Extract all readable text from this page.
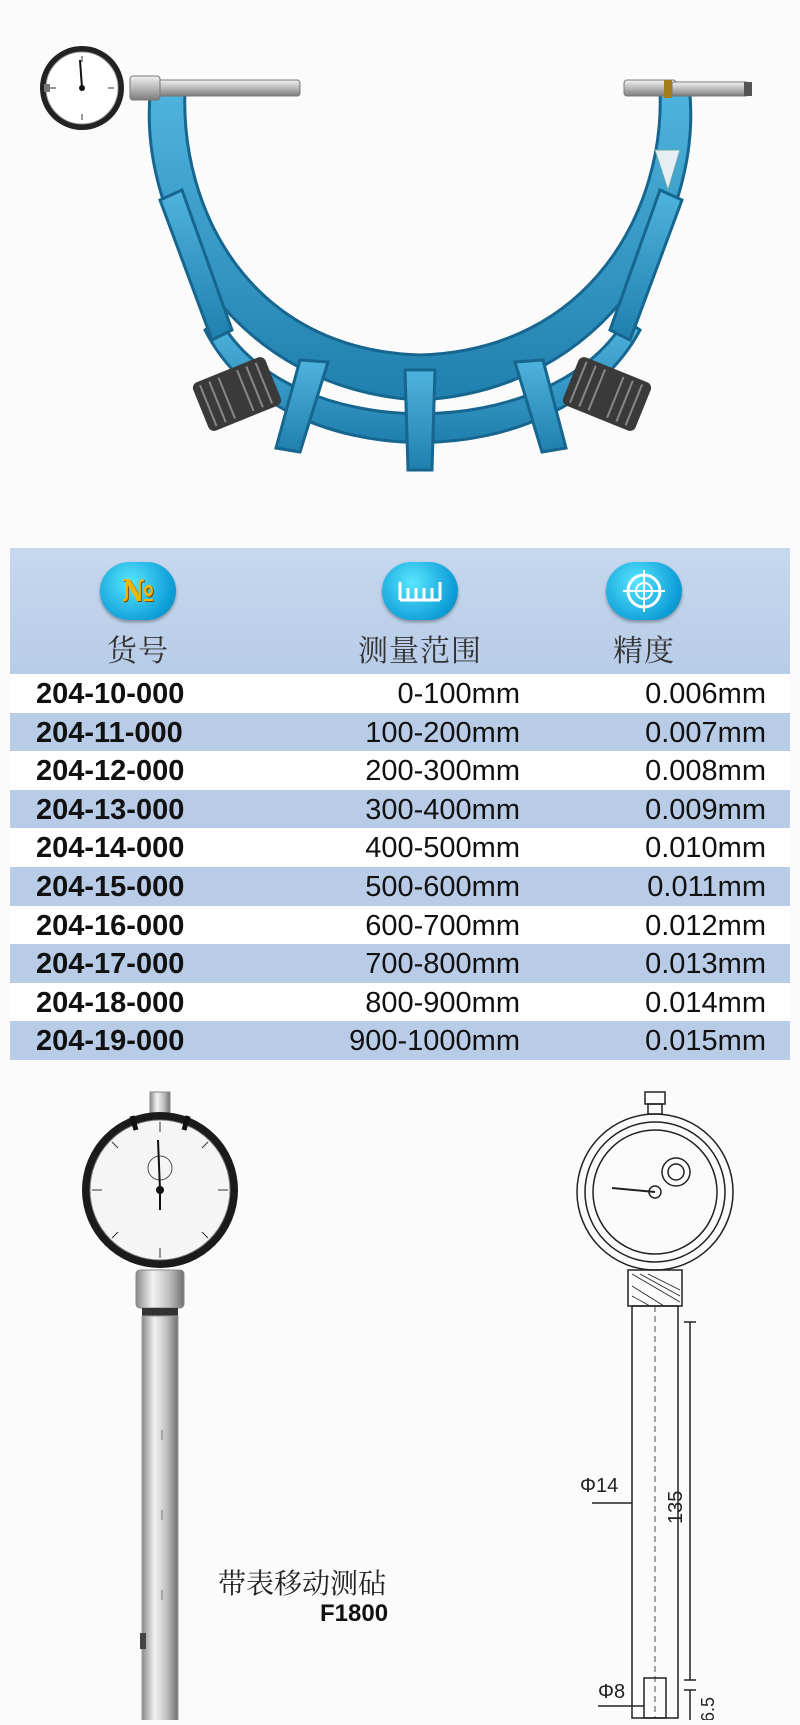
№
货号	测量范围	精度
204-10-000	0-100mm	0.006mm
204-11-000	100-200mm	0.007mm
204-12-000	200-300mm	0.008mm
204-13-000	300-400mm	0.009mm
204-14-000	400-500mm	0.010mm
204-15-000	500-600mm	0.011mm
204-16-000	600-700mm	0.012mm
204-17-000	700-800mm	0.013mm
204-18-000	800-900mm	0.014mm
204-19-000	900-1000mm	0.015mm
135
6.5
Φ14
Φ8
带表移动测砧
F1800
